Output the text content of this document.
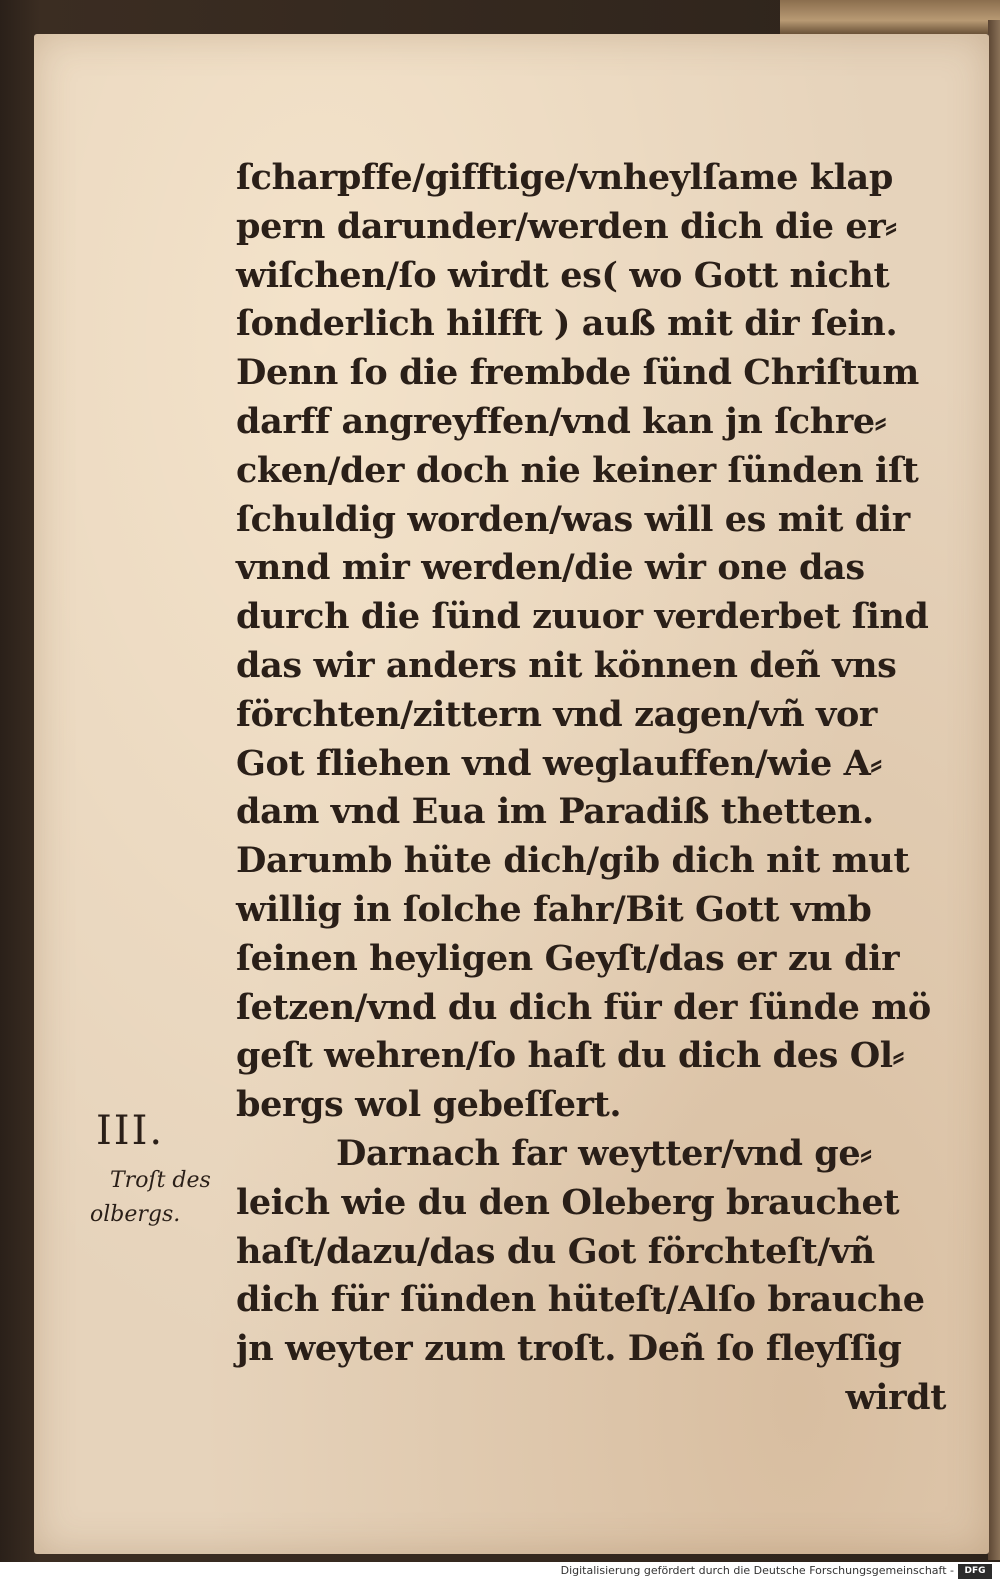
ſcharpffe/gifftige/vnheylſame klap
pern darunder/werden dich die er⸗
wiſchen/ſo wirdt es( wo Gott nicht
ſonderlich hilfft ) auß mit dir ſein.
Denn ſo die frembde ſünd Chriſtum
darff angreyffen/vnd kan jn ſchre⸗
cken/der doch nie keiner ſünden iſt
ſchuldig worden/was will es mit dir
vnnd mir werden/die wir one das
durch die ſünd zuuor verderbet ſind
das wir anders nit können deñ vns
förchten/zittern vnd zagen/vñ vor
Got fliehen vnd weglauffen/wie A⸗
dam vnd Eua im Paradiß thetten.
Darumb hüte dich/gib dich nit mut
willig in ſolche fahr/Bit Gott vmb
ſeinen heyligen Geyſt/das er zu dir
ſetzen/vnd du dich für der ſünde mö
geſt wehren/ſo haſt du dich des Ol⸗
bergs wol gebeſſert.
Darnach far weytter/vnd ge⸗
leich wie du den Oleberg brauchet
haſt/dazu/das du Got förchteſt/vñ
dich für ſünden hüteſt/Alſo brauche
jn weyter zum troſt. Deñ ſo fleyſſig
wirdt
III.
Troſt des
olbergs.
Digitalisierung gefördert durch die Deutsche Forschungsgemeinschaft -	DFG
